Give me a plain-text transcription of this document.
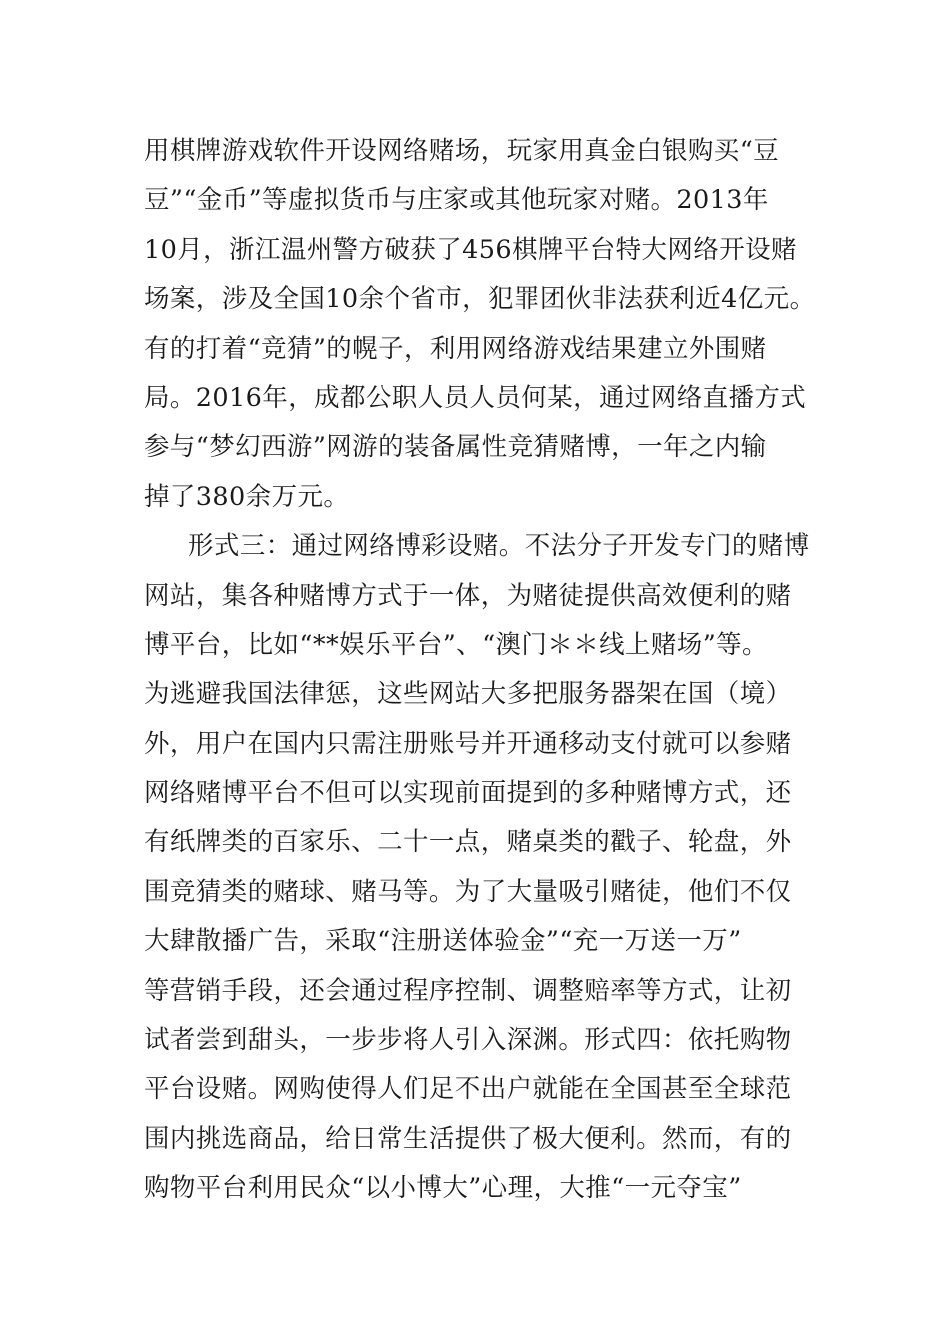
用棋牌游戏软件开设网络赌场，玩家用真金白银购买“豆
豆”“金币”等虚拟货币与庄家或其他玩家对赌。2013年
10月，浙江温州警方破获了456棋牌平台特大网络开设赌
场案，涉及全国10余个省市，犯罪团伙非法获利近4亿元。
有的打着“竞猜”的幌子，利用网络游戏结果建立外围赌
局。2016年，成都公职人员人员何某，通过网络直播方式
参与“梦幻西游”网游的装备属性竞猜赌博，一年之内输
掉了380余万元。
形式三：通过网络博彩设赌。不法分子开发专门的赌博
网站，集各种赌博方式于一体，为赌徒提供高效便利的赌
博平台，比如“**娱乐平台”、“澳门＊＊线上赌场”等。
为逃避我国法律惩，这些网站大多把服务器架在国（境）
外，用户在国内只需注册账号并开通移动支付就可以参赌
网络赌博平台不但可以实现前面提到的多种赌博方式，还
有纸牌类的百家乐、二十一点，赌桌类的戳子、轮盘，外
围竞猜类的赌球、赌马等。为了大量吸引赌徒，他们不仅
大肆散播广告，采取“注册送体验金”“充一万送一万”
等营销手段，还会通过程序控制、调整赔率等方式，让初
试者尝到甜头，一步步将人引入深渊。形式四：依托购物
平台设赌。网购使得人们足不出户就能在全国甚至全球范
围内挑选商品，给日常生活提供了极大便利。然而，有的
购物平台利用民众“以小博大”心理，大推“一元夺宝”
